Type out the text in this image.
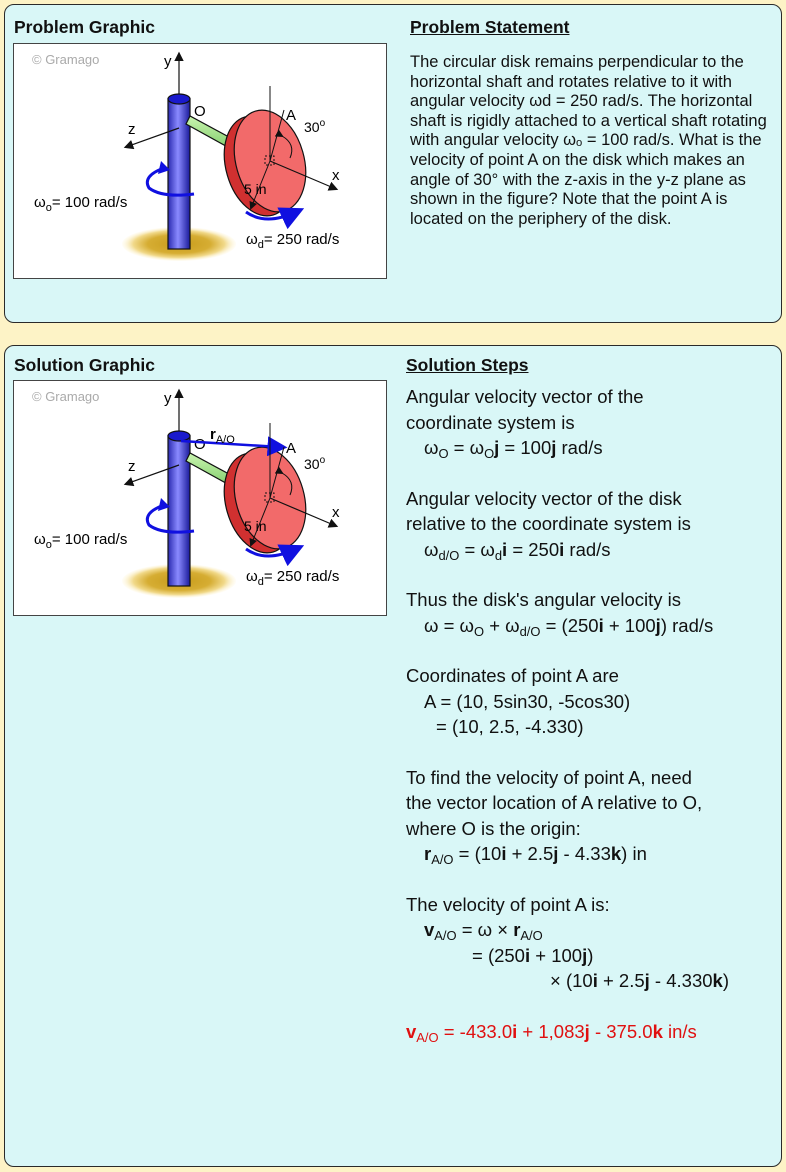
Problem Graphic	Problem Statement
© Gramago	y
z
O
x
5 in
A
30$^o$
$\omega_o= 100$ rad/s
$\omega_d= 250$ rad/s
The circular disk remains perpendicular to the horizontal shaft and rotates relative to it with angular velocity ωd = 250 rad/s. The horizontal shaft is rigidly attached to a vertical shaft rotating with angular velocity ωₒ = 100 rad/s. What is the velocity of point A on the disk which makes an angle of 30° with the z-axis in the y-z plane as shown in the figure? Note that the point A is located on the periphery of the disk.
Solution Graphic	Solution Steps
© Gramago	y
z
O
$r_{A/O}$
x
5 in
A
30$^o$
$\omega_o= 100$ rad/s
$\omega_d= 250$ rad/s

Angular velocity vector of the

coordinate system is

$\omega_O = \omega_Oj = 100j$ rad/s

Angular velocity vector of the disk

relative to the coordinate system is

$\omega_{d/O} = \omega_di = 250i$ rad/s

Thus the disk's angular velocity is

$\omega = \omega_O + \omega_{d/O} = (250i + 100j)$ rad/s

Coordinates of point A are

A = (10, 5sin30, -5cos30)

= (10, 2.5, -4.330)

To find the velocity of point A, need

the vector location of A relative to O,

where O is the origin:

$r_{A/O} = (10i + 2.5j - 4.33k)$ in

The velocity of point A is:

$v_{A/O} = \omega \times r_{A/O}$

= (250i + 100j)

× (10i + 2.5j - 4.330k)

$v_{A/O} = -433.0i + 1,083j - 375.0k$ in/s
